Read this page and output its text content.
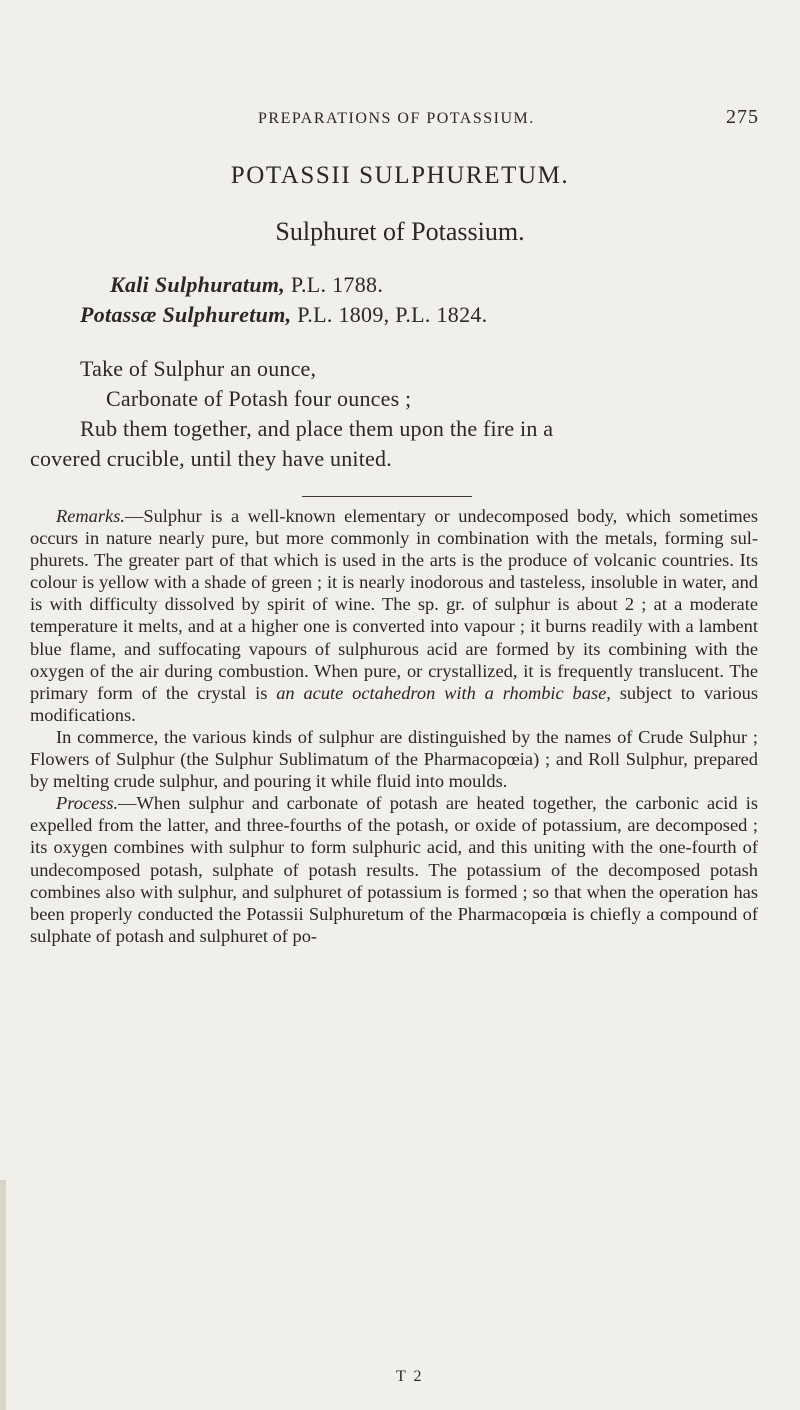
PREPARATIONS OF POTASSIUM.	275
POTASSII SULPHURETUM.
Sulphuret of Potassium.
Kali Sulphuratum, P.L. 1788.
Potassæ Sulphuretum, P.L. 1809, P.L. 1824.
Take of Sulphur an ounce,
Carbonate of Potash four ounces ;
Rub them together, and place them upon the fire in a
covered crucible, until they have united.

Remarks.—Sulphur is a well-known elementary or undecomposed body, which sometimes occurs in nature nearly pure, but more commonly in combination with the metals, forming sulphurets. The greater part of that which is used in the arts is the produce of volcanic countries. Its colour is yellow with a shade of green ; it is nearly inodorous and tasteless, insoluble in water, and is with difficulty dissolved by spirit of wine. The sp. gr. of sulphur is about 2 ; at a moderate temperature it melts, and at a higher one is converted into vapour ; it burns readily with a lambent blue flame, and suffocating vapours of sulphurous acid are formed by its combining with the oxygen of the air during combustion. When pure, or crystallized, it is frequently translucent. The primary form of the crystal is an acute octahedron with a rhombic base, subject to various modifications.

In commerce, the various kinds of sulphur are distinguished by the names of Crude Sulphur ; Flowers of Sulphur (the Sulphur Sublimatum of the Pharmacopœia) ; and Roll Sulphur, prepared by melting crude sulphur, and pouring it while fluid into moulds.

Process.—When sulphur and carbonate of potash are heated together, the carbonic acid is expelled from the latter, and three-fourths of the potash, or oxide of potassium, are decomposed ; its oxygen combines with sulphur to form sulphuric acid, and this uniting with the one-fourth of undecomposed potash, sulphate of potash results. The potassium of the decomposed potash combines also with sulphur, and sulphuret of potassium is formed ; so that when the operation has been properly conducted the Potassii Sulphuretum of the Pharmacopœia is chiefly a compound of sulphate of potash and sulphuret of po-

T 2
